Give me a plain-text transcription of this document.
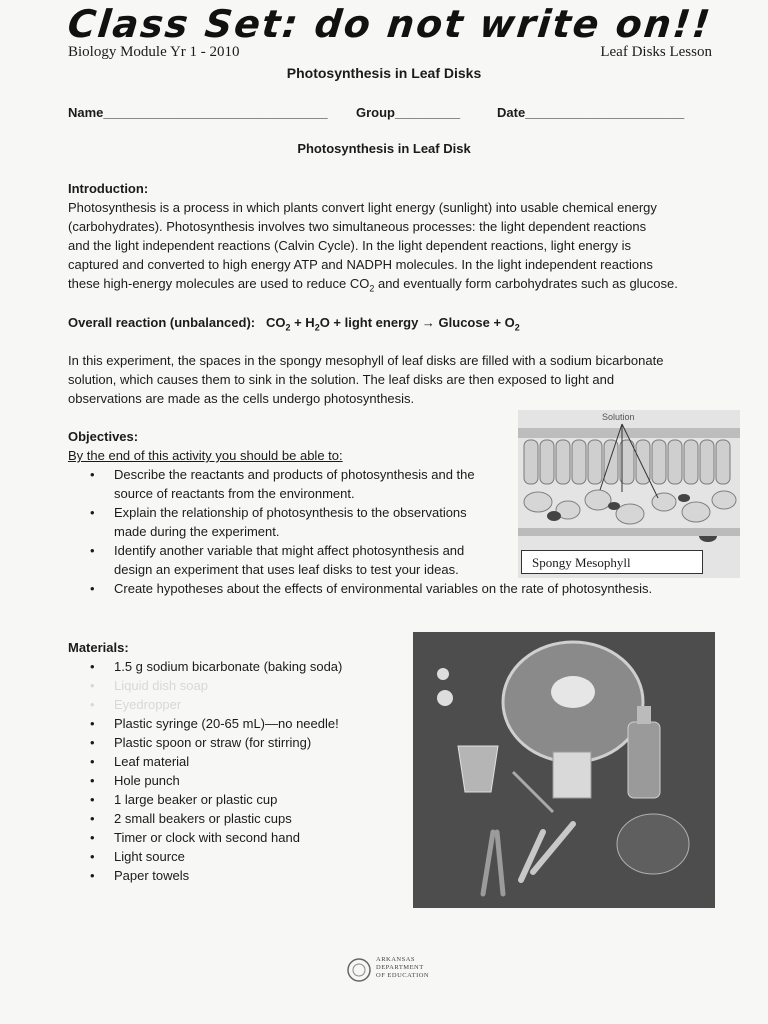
Class Set: do not write on!!
Biology Module Yr 1 - 2010	Leaf Disks Lesson
Photosynthesis in Leaf Disks
Name_______________________________ Group_________	Date______________________
Photosynthesis in Leaf Disk
Introduction:
Photosynthesis is a process in which plants convert light energy (sunlight) into usable chemical energy
(carbohydrates). Photosynthesis involves two simultaneous processes: the light dependent reactions
and the light independent reactions (Calvin Cycle). In the light dependent reactions, light energy is
captured and converted to high energy ATP and NADPH molecules. In the light independent reactions
these high-energy molecules are used to reduce $CO_2$ and eventually form carbohydrates such as glucose.
Overall reaction (unbalanced): $CO_2 + H_2O$ + light energy → $Glucose + O_2$
In this experiment, the spaces in the spongy mesophyll of leaf disks are filled with a sodium bicarbonate
solution, which causes them to sink in the solution. The leaf disks are then exposed to light and
observations are made as the cells undergo photosynthesis.
Objectives:
By the end of this activity you should be able to:
• Describe the reactants and products of photosynthesis and the
source of reactants from the environment.
• Explain the relationship of photosynthesis to the observations
made during the experiment.
• Identify another variable that might affect photosynthesis and
design an experiment that uses leaf disks to test your ideas.
• Create hypotheses about the effects of environmental variables on the rate of photosynthesis.
Solution
Spongy Mesophyll
Materials:
• 1.5 g sodium bicarbonate (baking soda)
• Liquid dish soap
• Eyedropper
• Plastic syringe (20-65 mL)—no needle!
• Plastic spoon or straw (for stirring)
• Leaf material
• Hole punch
• 1 large beaker or plastic cup
• 2 small beakers or plastic cups
• Timer or clock with second hand
• Light source
• Paper towels
ARKANSAS
DEPARTMENT
OF EDUCATION
